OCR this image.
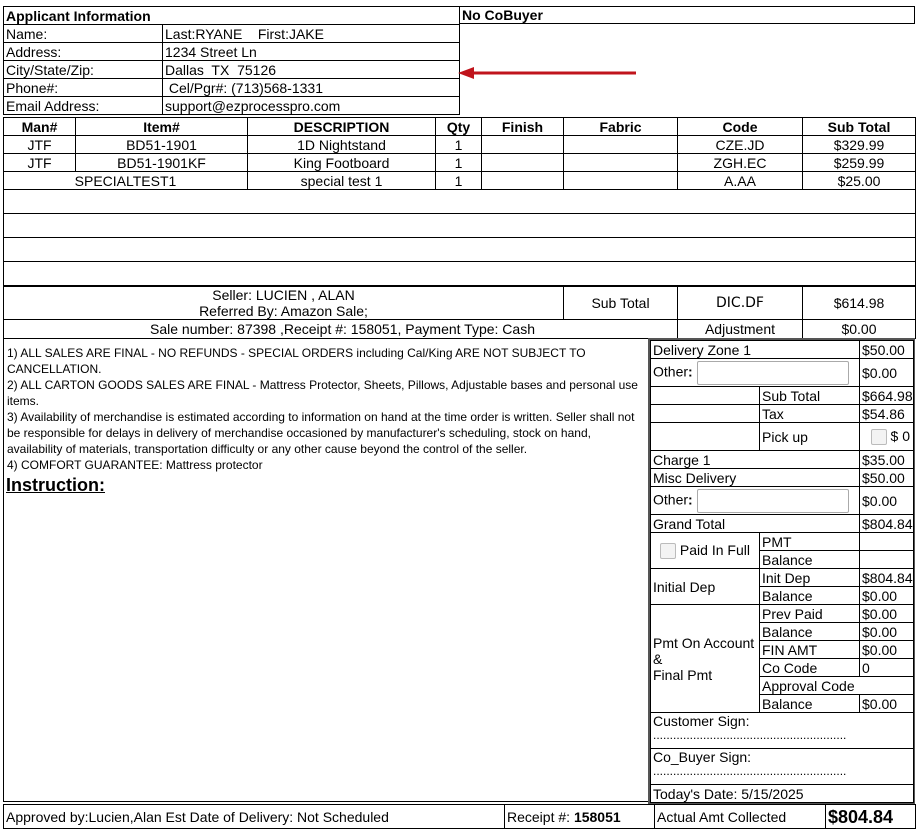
Applicant Information	
Name:	Last:RYANE    First:JAKE
Address:	1234 Street Ln
City/State/Zip:	Dallas  TX  75126
Phone#:	Cel/Pgr#: (713)568-1331
Email Address:	support@ezprocesspro.com
No CoBuyer
Man#	Item#	DESCRIPTION	Qty	Finish	Fabric	Code	Sub Total
JTF	BD51-1901	1D Nightstand	1			CZE.JD	$329.99
JTF	BD51-1901KF	King Footboard	1			ZGH.EC	$259.99
SPECIALTEST1		special test 1	1			A.AA	$25.00

Seller: LUCIEN , ALAN
Referred By: Amazon Sale;	Sub Total	DIC.DF	$614.98
Sale number: 87398 ,Receipt #: 158051, Payment Type: Cash		Adjustment	$0.00
1) ALL SALES ARE FINAL - NO REFUNDS - SPECIAL ORDERS including Cal/King ARE NOT SUBJECT TO CANCELLATION.
2) ALL CARTON GOODS SALES ARE FINAL - Mattress Protector, Sheets, Pillows, Adjustable bases and personal use items.
3) Availability of merchandise is estimated according to information on hand at the time order is written. Seller shall not be responsible for delays in delivery of merchandise occasioned by manufacturer's scheduling, stock on hand, availability of materials, transportation difficulty or any other cause beyond the control of the seller.
4) COMFORT GUARANTEE: Mattress protector
Instruction:
Delivery Zone 1		$50.00
Other:		$0.00
	Sub Total	$664.98
	Tax	$54.86
	Pick up	$ 0
Charge 1		$35.00
Misc Delivery		$50.00
Other:		$0.00
Grand Total		$804.84
Paid In Full	PMT	
	Balance	
Initial Dep	Init Dep	$804.84
	Balance	$0.00

Pmt On Account
&
Final Pmt	Prev Paid	$0.00
	Balance	$0.00
	FIN AMT	$0.00
	Co Code	0
	Approval Code	
	Balance	$0.00

Customer Sign:
..........................................................		

Co_Buyer Sign:
..........................................................		

Today's Date: 5/15/2025		
Approved by:Lucien,Alan Est Date of Delivery: Not Scheduled	Receipt #: 158051	Actual Amt Collected	$804.84
